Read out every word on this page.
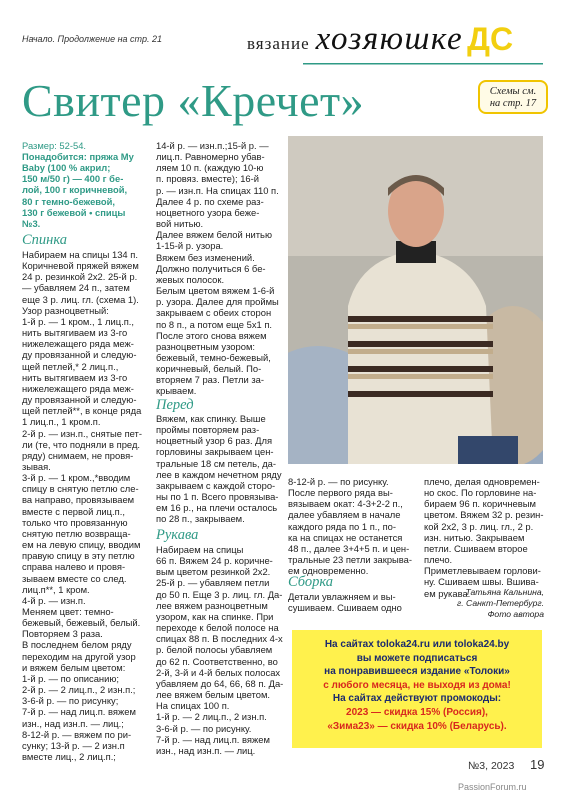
Начало. Продолжение на стр. 21	вязание хозяюшке ДС
Свитер «Кречет»	Схемы см.
на стр. 17
Размер: 52-54.
Понадобится: пряжа My
Baby (100 % акрил;
150 м/50 г) — 400 г бе-
лой, 100 г коричневой,
80 г темно-бежевой,
130 г бежевой • спицы
№3.
Спинка
Набираем на спицы 134 п.
Коричневой пряжей вяжем
24 р. резинкой 2х2. 25-й р.
— убавляем 24 п., затем
еще 3 р. лиц. гл. (схема 1).
Узор разноцветный:
1-й р. — 1 кром., 1 лиц.п.,
нить вытягиваем из 3-го
нижележащего ряда меж-
ду провязанной и следую-
щей петлей,* 2 лиц.п.,
нить вытягиваем из 3-го
нижележащего ряда меж-
ду провязанной и следую-
щей петлей**, в конце ряда
1 лиц.п., 1 кром.п.
2-й р. — изн.п., снятые пет-
ли (те, что подняли в пред.
ряду) снимаем, не провя-
зывая.
3-й р. — 1 кром.,*вводим
спицу в снятую петлю сле-
ва направо, провязываем
вместе с первой лиц.п.,
только что провязанную
снятую петлю возвраща-
ем на левую спицу, вводим
правую спицу в эту петлю
справа налево и провя-
зываем вместе со след.
лиц.п**, 1 кром.
4-й р. — изн.п.
Меняем цвет: темно-
бежевый, бежевый, белый.
Повторяем 3 раза.
В последнем белом ряду
переходим на другой узор
и вяжем белым цветом:
1-й р. — по описанию;
2-й р. — 2 лиц.п., 2 изн.п.;
3-6-й р. — по рисунку;
7-й р. — над лиц.п. вяжем
изн., над изн.п. — лиц.;
8-12-й р. — вяжем по ри-
сунку; 13-й р. — 2 изн.п
вместе лиц., 2 лиц.п.;
14-й р. — изн.п.;15-й р. —
лиц.п. Равномерно убав-
ляем 10 п. (каждую 10-ю
п. провяз. вместе); 16-й
р. — изн.п. На спицах 110 п.
Далее 4 р. по схеме раз-
ноцветного узора беже-
вой нитью.
Далее вяжем белой нитью
1-15-й р. узора.
Вяжем без изменений.
Должно получиться 6 бе-
жевых полосок.
Белым цветом вяжем 1-6-й
р. узора. Далее для проймы
закрываем с обеих сторон
по 8 п., а потом еще 5х1 п.
После этого снова вяжем
разноцветным узором:
бежевый, темно-бежевый,
коричневый, белый. По-
вторяем 7 раз. Петли за-
крываем.
Перед
Вяжем, как спинку. Выше
проймы повторяем раз-
ноцветный узор 6 раз. Для
горловины закрываем цен-
тральные 18 см петель, да-
лее в каждом нечетном ряду
закрываем с каждой сторо-
ны по 1 п. Всего провязыва-
ем 16 р., на плечи осталось
по 28 п., закрываем.
Рукава
Набираем на спицы
66 п. Вяжем 24 р. коричне-
вым цветом резинкой 2х2.
25-й р. — убавляем петли
до 50 п. Еще 3 р. лиц. гл. Да-
лее вяжем разноцветным
узором, как на спинке. При
переходе к белой полосе на
спицах 88 п. В последних 4-х
р. белой полосы убавляем
до 62 п. Соответственно, во
2-й, 3-й и 4-й белых полосах
убавляем до 64, 66, 68 п. Да-
лее вяжем белым цветом.
На спицах 100 п.
1-й р. — 2 лиц.п., 2 изн.п.
3-6-й р. — по рисунку.
7-й р. — над лиц.п. вяжем
изн., над изн.п. — лиц.
8-12-й р. — по рисунку.
После первого ряда вы-
вязываем окат: 4-3+2-2 п.,
далее убавляем в начале
каждого ряда по 1 п., по-
ка на спицах не останется
48 п., далее 3+4+5 п. и цен-
тральные 23 петли закрыва-
ем одновременно.
Сборка
Детали увлажняем и вы-
сушиваем. Сшиваем одно
плечо, делая одновремен-
но скос. По горловине на-
бираем 96 п. коричневым
цветом. Вяжем 32 р. резин-
кой 2х2, 3 р. лиц. гл., 2 р.
изн. нитью. Закрываем
петли. Сшиваем второе плечо.
Приметлевываем горлови-
ну. Сшиваем швы. Вшива-
ем рукава.
Татьяна Кальнина,
г. Санкт-Петербург.
Фото автора
На сайтах toloka24.ru или toloka24.by
вы можете подписаться
на понравившееся издание «Толоки»
с любого месяца, не выходя из дома!
На сайтах действуют промокоды:
2023 — скидка 15% (Россия),
«Зима23» — скидка 10% (Беларусь).
№3, 2023 19
PassionForum.ru
